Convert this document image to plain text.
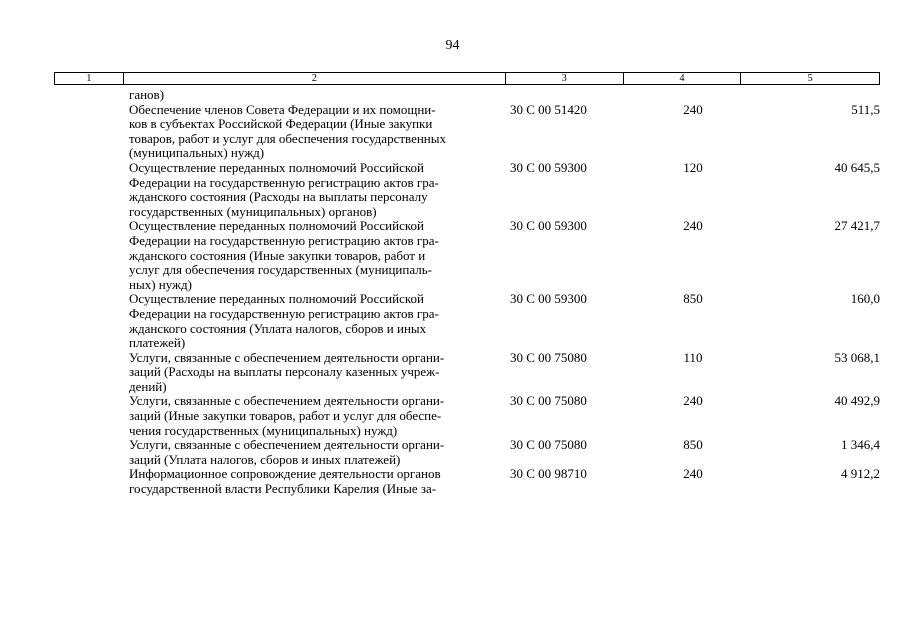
94
1	2	3	4	5
ганов)
Обеспечение членов Совета Федерации и их помощни-
ков в субъектах Российской Федерации (Иные закупки
товаров, работ и услуг для обеспечения государственных
(муниципальных) нужд)
30 С 00 51420	240	511,5
Осуществление переданных полномочий Российской
Федерации на государственную регистрацию актов гра-
жданского состояния (Расходы на выплаты персоналу
государственных (муниципальных) органов)
30 С 00 59300	120	40 645,5
Осуществление переданных полномочий Российской
Федерации на государственную регистрацию актов гра-
жданского состояния (Иные закупки товаров, работ и
услуг для обеспечения государственных (муниципаль-
ных) нужд)
30 С 00 59300	240	27 421,7
Осуществление переданных полномочий Российской
Федерации на государственную регистрацию актов гра-
жданского состояния (Уплата налогов, сборов и иных
платежей)
30 С 00 59300	850	160,0
Услуги, связанные с обеспечением деятельности органи-
заций (Расходы на выплаты персоналу казенных учреж-
дений)
30 С 00 75080	110	53 068,1
Услуги, связанные с обеспечением деятельности органи-
заций (Иные закупки товаров, работ и услуг для обеспе-
чения государственных (муниципальных) нужд)
30 С 00 75080	240	40 492,9
Услуги, связанные с обеспечением деятельности органи-
заций (Уплата налогов, сборов и иных платежей)
30 С 00 75080	850	1 346,4
Информационное сопровождение деятельности органов
государственной власти Республики Карелия (Иные за-
30 С 00 98710	240	4 912,2
